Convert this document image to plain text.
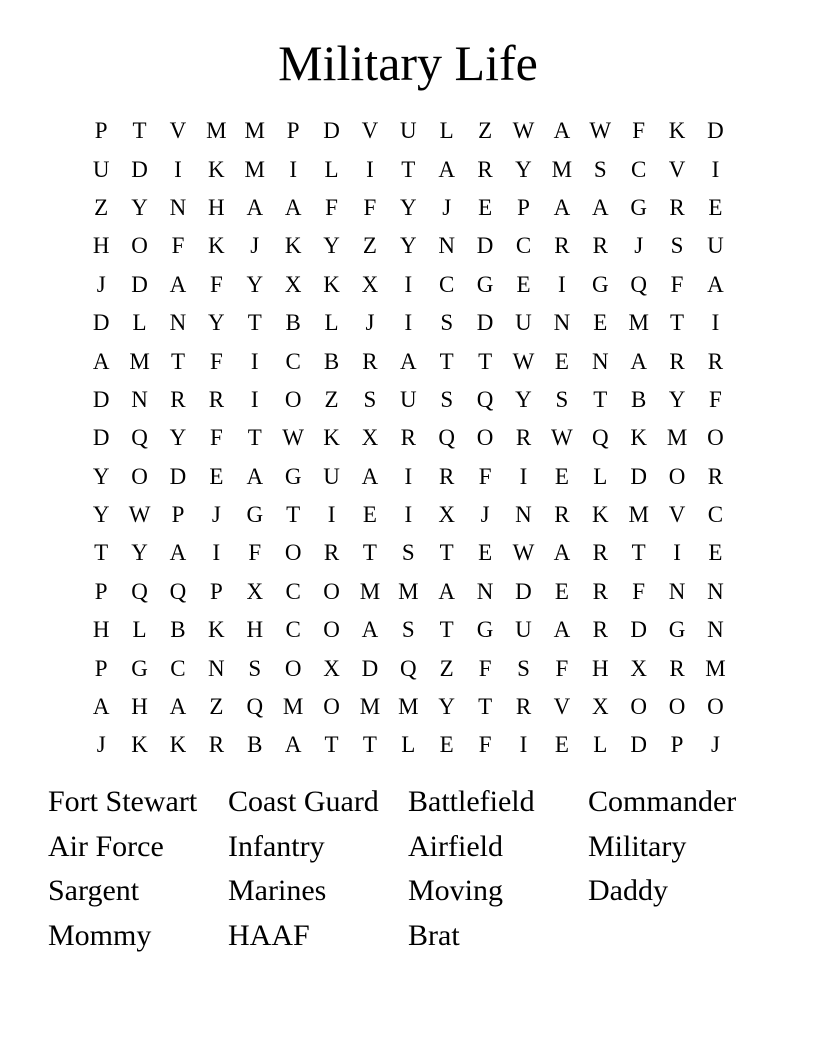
Military Life
P	T	V M M P	D V U	L	Z W A W F	K D
U D	I	K M	I	L	I	T	A R Y M S	C V	I
Z	Y N H A A	F	F	Y	J	E	P	A A G R	E
H O	F	K	J	K Y	Z	Y N D C	R	R	J	S	U
J	D A	F	Y X K X	I	C G	E	I	G Q	F	A
D	L	N Y	T	B	L	J	I	S	D U N	E M T	I
A M T	F	I	C	B	R A	T	T W E	N A R	R
D N R	R	I	O	Z	S	U	S	Q Y	S	T	B Y	F
D Q Y	F	T W K X R Q O R W Q K M O
Y O D	E	A G U A	I	R	F	I	E	L	D O R
Y W P	J	G	T	I	E	I	X	J	N R K M V C
T	Y A	I	F	O R	T	S	T	E W A R	T	I	E
P	Q Q	P	X C O M M A N D	E	R	F	N N
H	L	B K H C O A	S	T	G U A R D G N
P	G C N	S	O X D Q	Z	F	S	F	H X R M
A H A	Z	Q M O M M Y	T	R V X O O O
J	K K R	B A	T	T	L	E	F	I	E	L	D	P	J
Fort Stewart	Coast Guard Battlefield	Commander
Air Force	Infantry	Airfield	Military
Sargent	Marines	Moving	Daddy
Mommy	HAAF	Brat
